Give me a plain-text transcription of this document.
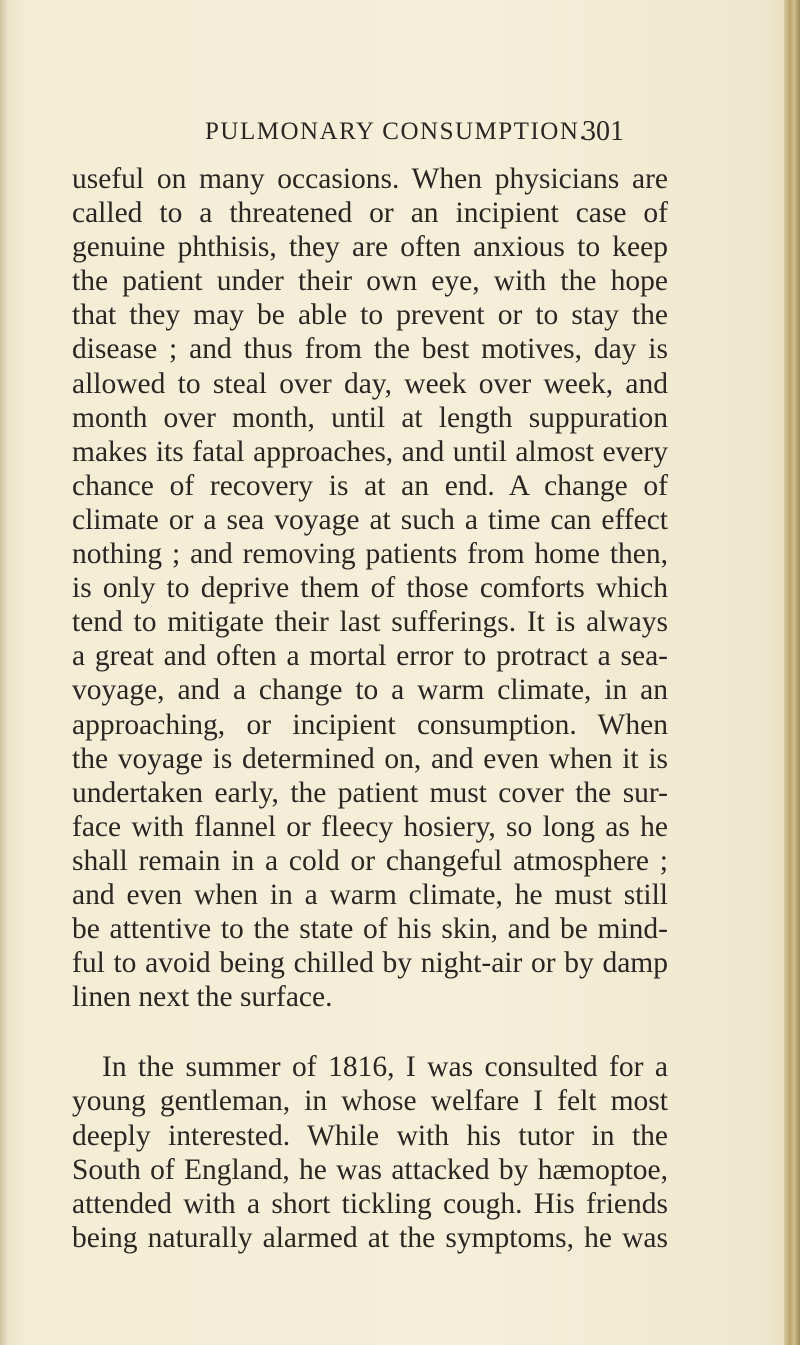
PULMONARY CONSUMPTION.
301
useful on many occasions. When physicians are
called to a threatened or an incipient case of
genuine phthisis, they are often anxious to keep
the patient under their own eye, with the hope
that they may be able to prevent or to stay the
disease ; and thus from the best motives, day is
allowed to steal over day, week over week, and
month over month, until at length suppuration
makes its fatal approaches, and until almost every
chance of recovery is at an end. A change of
climate or a sea voyage at such a time can effect
nothing ; and removing patients from home then,
is only to deprive them of those comforts which
tend to mitigate their last sufferings. It is always
a great and often a mortal error to protract a sea-
voyage, and a change to a warm climate, in an
approaching, or incipient consumption. When
the voyage is determined on, and even when it is
undertaken early, the patient must cover the sur-
face with flannel or fleecy hosiery, so long as he
shall remain in a cold or changeful atmosphere ;
and even when in a warm climate, he must still
be attentive to the state of his skin, and be mind-
ful to avoid being chilled by night-air or by damp
linen next the surface.
In the summer of 1816, I was consulted for a
young gentleman, in whose welfare I felt most
deeply interested. While with his tutor in the
South of England, he was attacked by hæmoptoe,
attended with a short tickling cough. His friends
being naturally alarmed at the symptoms, he was
